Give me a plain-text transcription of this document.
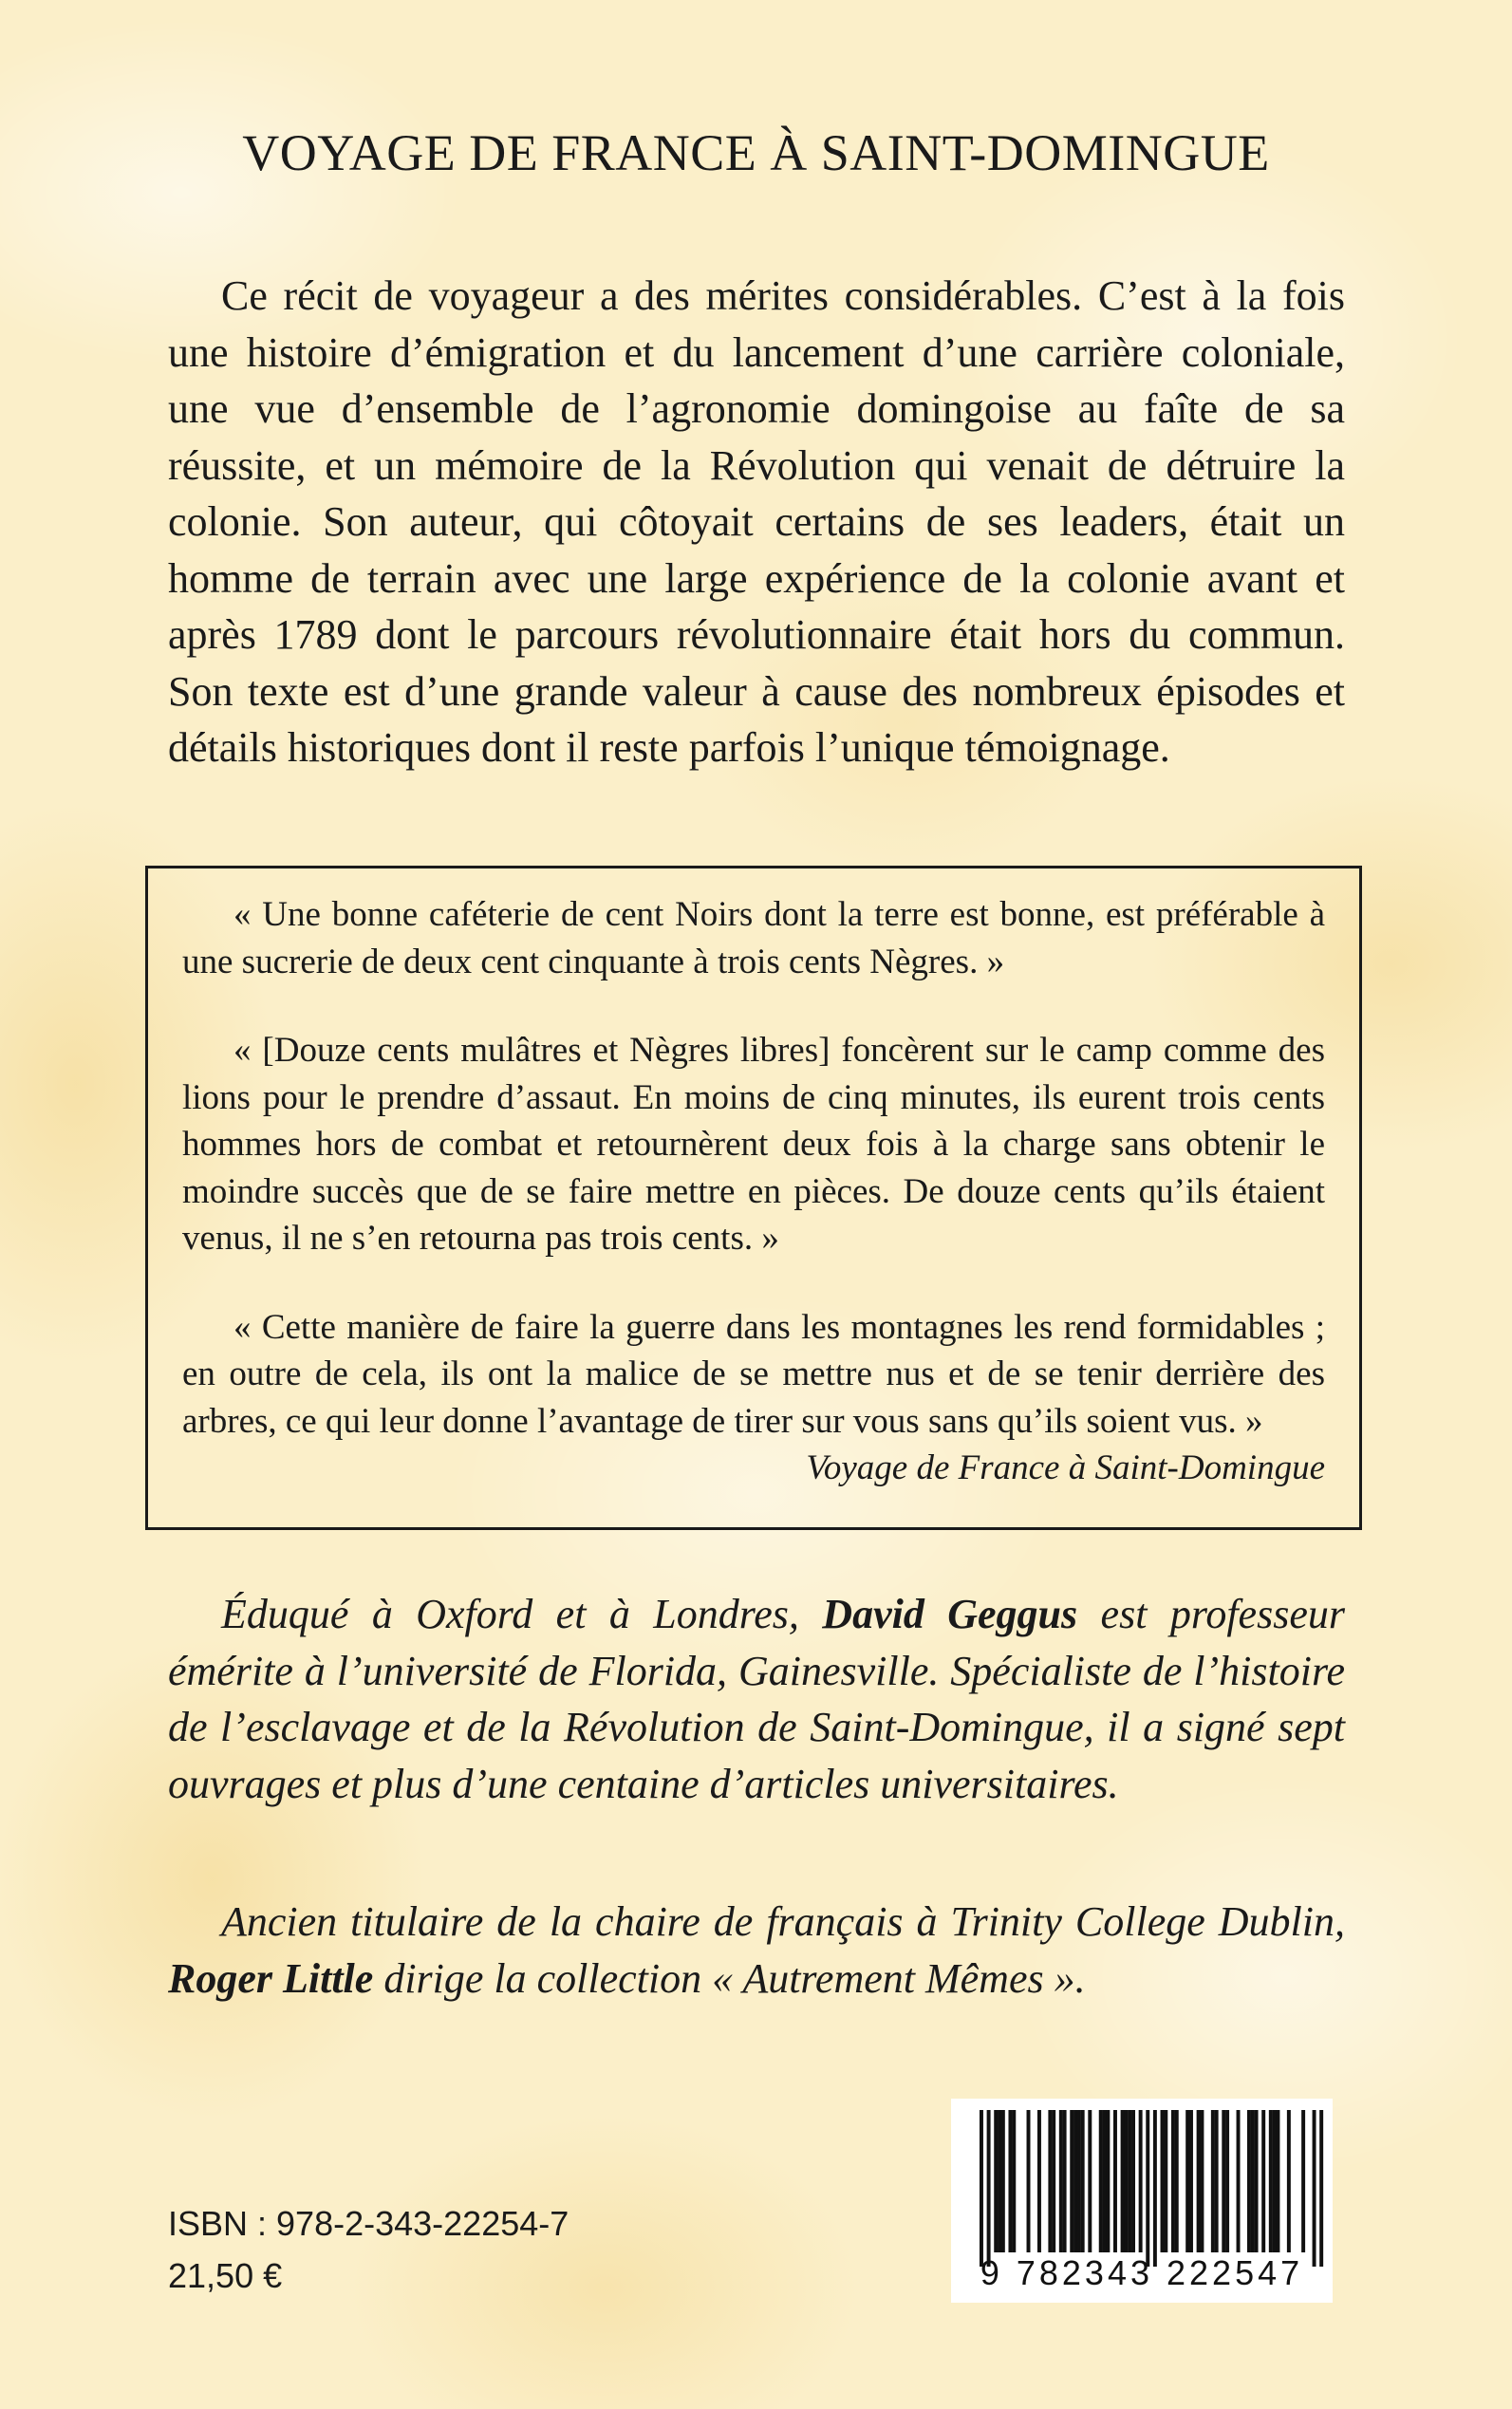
VOYAGE DE FRANCE À SAINT-DOMINGUE

Ce récit de voyageur a des mérites considérables. C’est à la fois une histoire d’émigration et du lancement d’une carrière coloniale, une vue d’ensemble de l’agronomie domingoise au faîte de sa réussite, et un mémoire de la Révolution qui venait de détruire la colonie. Son auteur, qui côtoyait certains de ses leaders, était un homme de terrain avec une large expérience de la colonie avant et après 1789 dont le parcours révolutionnaire était hors du commun. Son texte est d’une grande valeur à cause des nombreux épisodes et détails historiques dont il reste parfois l’unique témoignage.

« Une bonne caféterie de cent Noirs dont la terre est bonne, est préférable à une sucrerie de deux cent cinquante à trois cents Nègres. »

« [Douze cents mulâtres et Nègres libres] foncèrent sur le camp comme des lions pour le prendre d’assaut. En moins de cinq minutes, ils eurent trois cents hommes hors de combat et retournèrent deux fois à la charge sans obtenir le moindre succès que de se faire mettre en pièces. De douze cents qu’ils étaient venus, il ne s’en retourna pas trois cents. »

« Cette manière de faire la guerre dans les montagnes les rend formidables ; en outre de cela, ils ont la malice de se mettre nus et de se tenir derrière des arbres, ce qui leur donne l’avantage de tirer sur vous sans qu’ils soient vus. »

Voyage de France à Saint-Domingue

Éduqué à Oxford et à Londres, David Geggus est professeur émérite à l’université de Florida, Gainesville. Spécialiste de l’histoire de l’esclavage et de la Révolution de Saint-Domingue, il a signé sept ouvrages et plus d’une centaine d’articles universitaires.

Ancien titulaire de la chaire de français à Trinity College Dublin, Roger Little dirige la collection « Autrement Mêmes ».

ISBN : 978-2-343-22254-7

21,50 €	9 782343 222547
